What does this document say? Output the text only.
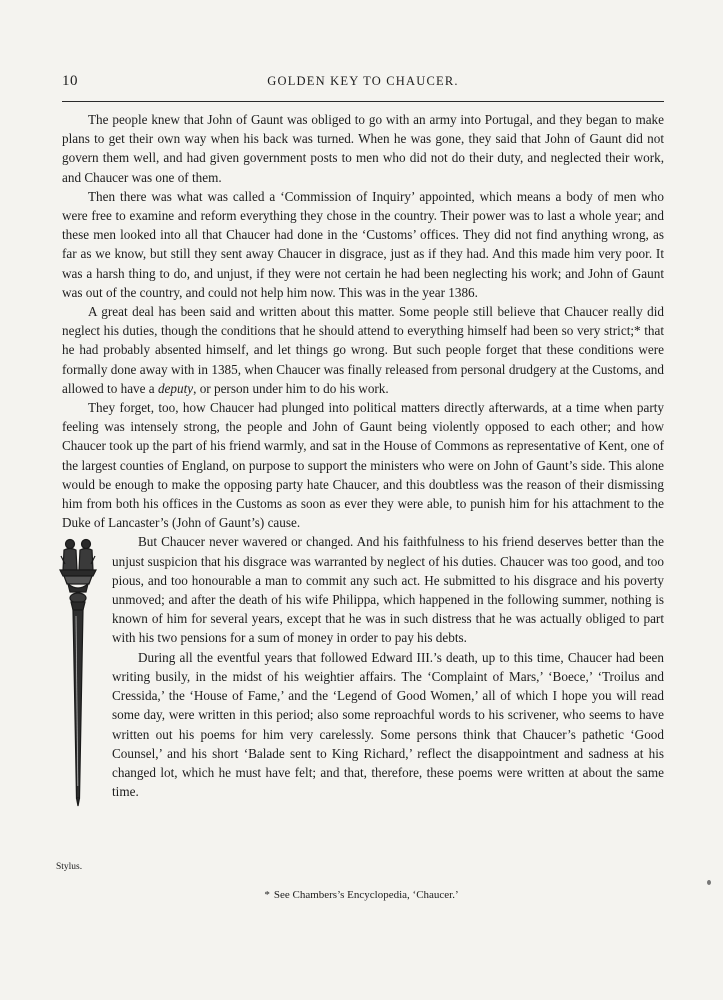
10	GOLDEN KEY TO CHAUCER.

The people knew that John of Gaunt was obliged to go with an army into Portugal, and they began to make plans to get their own way when his back was turned. When he was gone, they said that John of Gaunt did not govern them well, and had given government posts to men who did not do their duty, and neglected their work, and Chaucer was one of them.

Then there was what was called a ‘Commission of Inquiry’ appointed, which means a body of men who were free to examine and reform everything they chose in the country. Their power was to last a whole year; and these men looked into all that Chaucer had done in the ‘Customs’ offices. They did not find anything wrong, as far as we know, but still they sent away Chaucer in disgrace, just as if they had. And this made him very poor. It was a harsh thing to do, and unjust, if they were not certain he had been neglecting his work; and John of Gaunt was out of the country, and could not help him now. This was in the year 1386.

A great deal has been said and written about this matter. Some people still believe that Chaucer really did neglect his duties, though the conditions that he should attend to everything himself had been so very strict;* that he had probably absented himself, and let things go wrong. But such people forget that these conditions were formally done away with in 1385, when Chaucer was finally released from personal drudgery at the Customs, and allowed to have a deputy, or person under him to do his work.

They forget, too, how Chaucer had plunged into political matters directly afterwards, at a time when party feeling was intensely strong, the people and John of Gaunt being violently opposed to each other; and how Chaucer took up the part of his friend warmly, and sat in the House of Commons as representative of Kent, one of the largest counties of England, on purpose to support the ministers who were on John of Gaunt’s side. This alone would be enough to make the opposing party hate Chaucer, and this doubtless was the reason of their dismissing him from both his offices in the Customs as soon as ever they were able, to punish him for his attachment to the Duke of Lancaster’s (John of Gaunt’s) cause.

But Chaucer never wavered or changed. And his faithfulness to his friend deserves better than the unjust suspicion that his disgrace was warranted by neglect of his duties. Chaucer was too good, and too pious, and too honourable a man to commit any such act. He submitted to his disgrace and his poverty unmoved; and after the death of his wife Philippa, which happened in the following summer, nothing is known of him for several years, except that he was in such distress that he was actually obliged to part with his two pensions for a sum of money in order to pay his debts.

During all the eventful years that followed Edward III.’s death, up to this time, Chaucer had been writing busily, in the midst of his weightier affairs. The ‘Complaint of Mars,’ ‘Boece,’ ‘Troilus and Cressida,’ the ‘House of Fame,’ and the ‘Legend of Good Women,’ all of which I hope you will read some day, were written in this period; also some reproachful words to his scrivener, who seems to have written out his poems for him very carelessly. Some persons think that Chaucer’s pathetic ‘Good Counsel,’ and his short ‘Balade sent to King Richard,’ reflect the disappointment and sadness at his changed lot, which he must have felt; and that, therefore, these poems were written at about the same time.

Stylus.
* See Chambers’s Encyclopedia, ‘Chaucer.’
